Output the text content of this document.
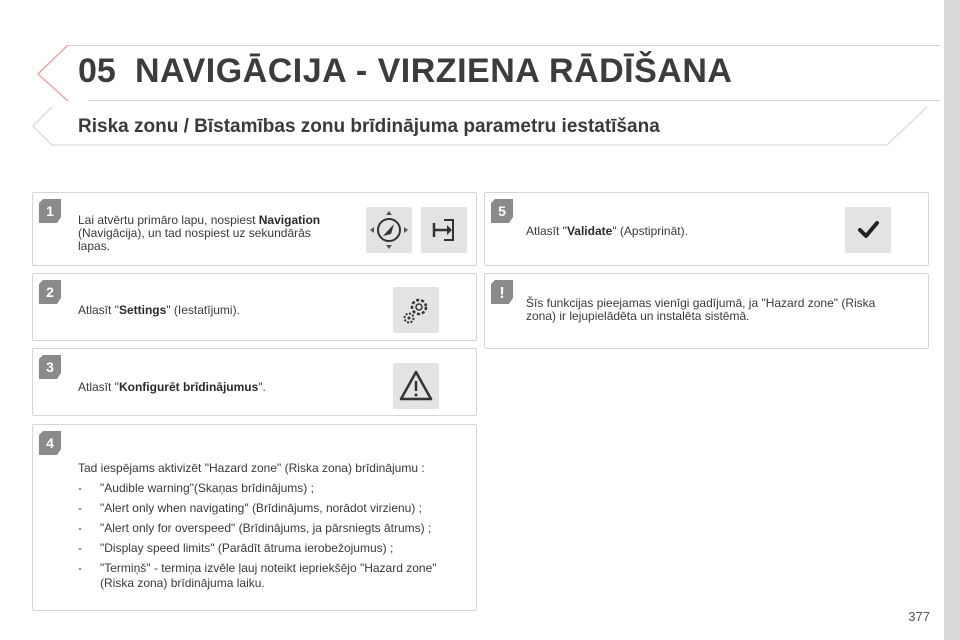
05 NAVIGĀCIJA - VIRZIENA RĀDĪŠANA
Riska zonu / Bīstamības zonu brīdinājuma parametru iestatīšana
1
Lai atvērtu primāro lapu, nospiest Navigation (Navigācija), un tad nospiest uz sekundārās lapas.
2
Atlasīt "Settings" (Iestatījumi).
3
Atlasīt "Konfigurēt brīdinājumus".
4
Tad iespējams aktivizēt "Hazard zone" (Riska zona) brīdinājumu :
-	"Audible warning"(Skaņas brīdinājums) ;
-	"Alert only when navigating" (Brīdinājums, norādot virzienu) ;
-	"Alert only for overspeed" (Brīdinājums, ja pārsniegts ātrums) ;
-	"Display speed limits" (Parādīt ātruma ierobežojumus) ;
-	"Termiņš" - termiņa izvēle ļauj noteikt iepriekšējo "Hazard zone" (Riska zona) brīdinājuma laiku.
5
Atlasīt "Validate" (Apstiprināt).
!
Šīs funkcijas pieejamas vienīgi gadījumā, ja "Hazard zone" (Riska zona) ir lejupielādēta un instalēta sistēmā.
377
